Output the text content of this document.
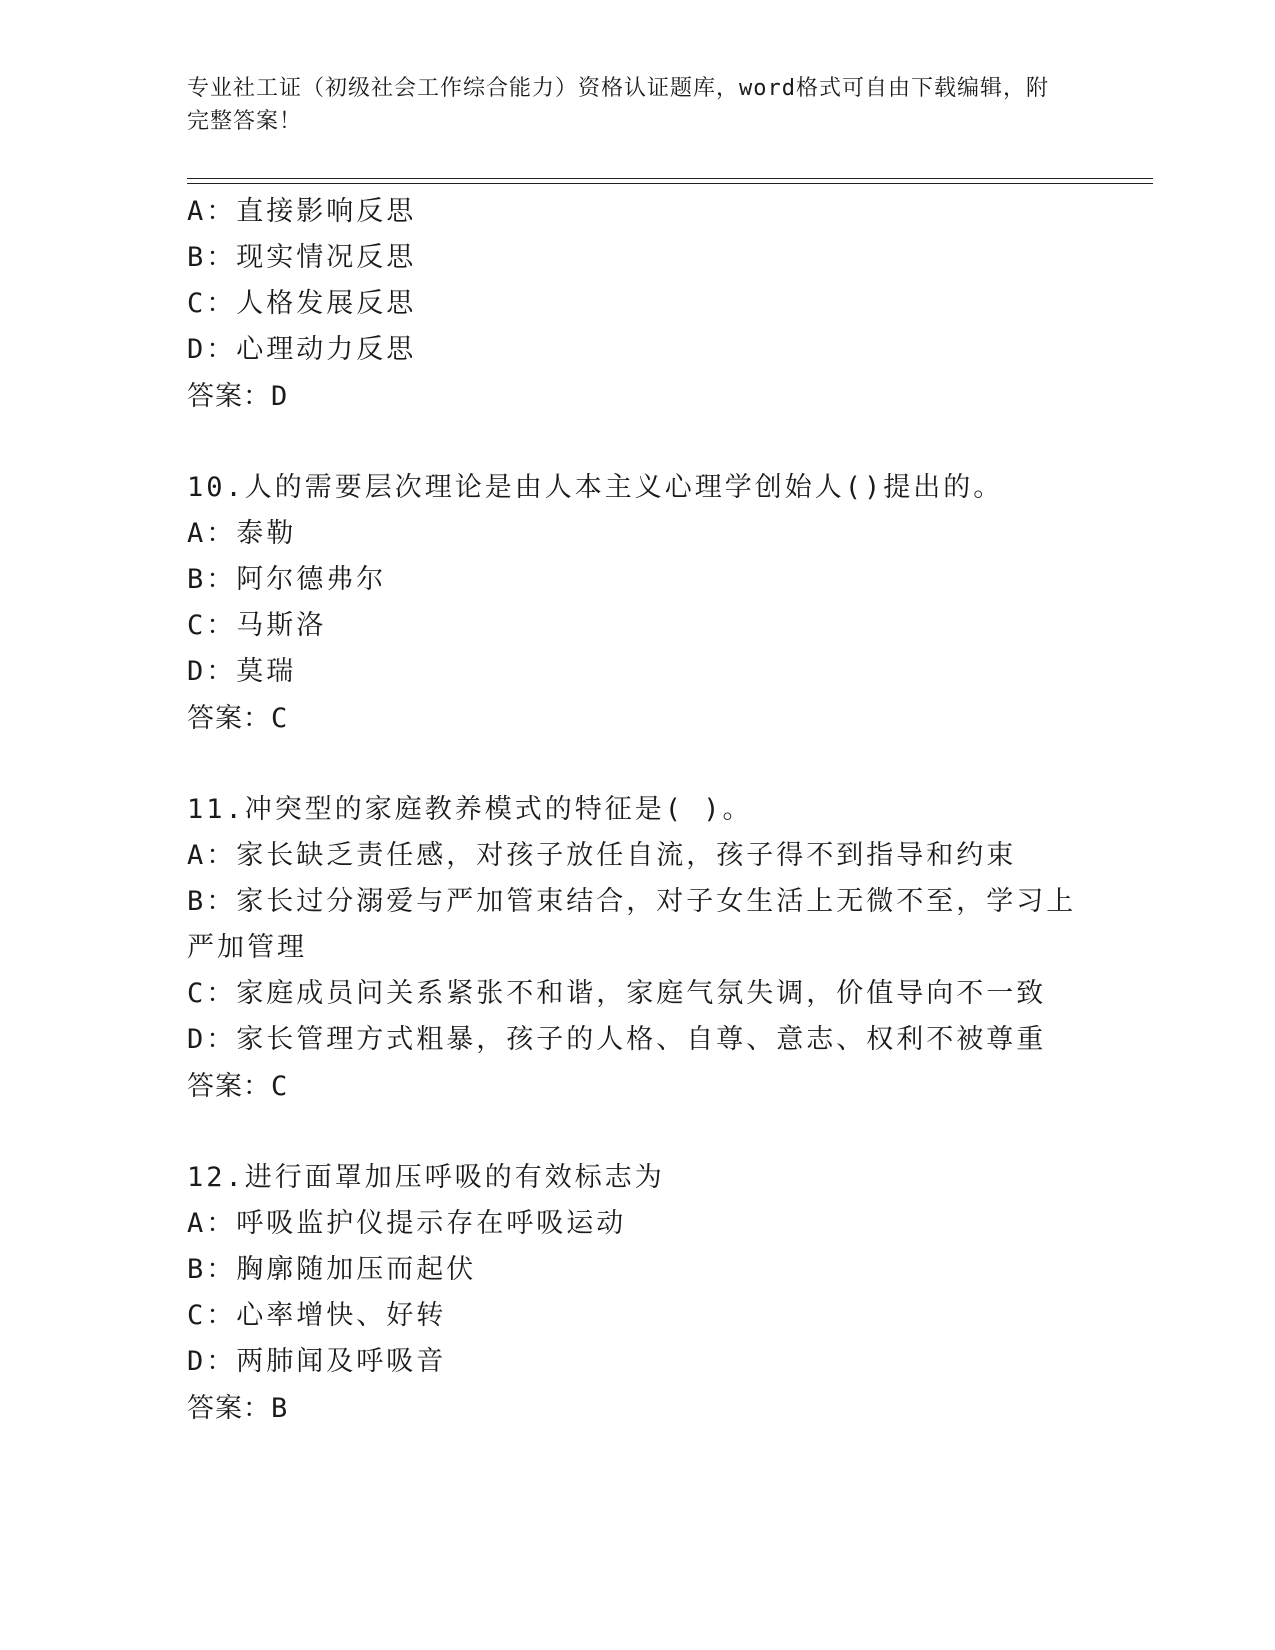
专业社工证（初级社会工作综合能力）资格认证题库，word格式可自由下载编辑，附完整答案！
A：直接影响反思
B：现实情况反思
C：人格发展反思
D：心理动力反思
答案：D
10.人的需要层次理论是由人本主义心理学创始人()提出的。
A：泰勒
B：阿尔德弗尔
C：马斯洛
D：莫瑞
答案：C
11.冲突型的家庭教养模式的特征是( )。
A：家长缺乏责任感，对孩子放任自流，孩子得不到指导和约束
B：家长过分溺爱与严加管束结合，对子女生活上无微不至，学习上严加管理
C：家庭成员问关系紧张不和谐，家庭气氛失调，价值导向不一致
D：家长管理方式粗暴，孩子的人格、自尊、意志、权利不被尊重
答案：C
12.进行面罩加压呼吸的有效标志为
A：呼吸监护仪提示存在呼吸运动
B：胸廓随加压而起伏
C：心率增快、好转
D：两肺闻及呼吸音
答案：B
